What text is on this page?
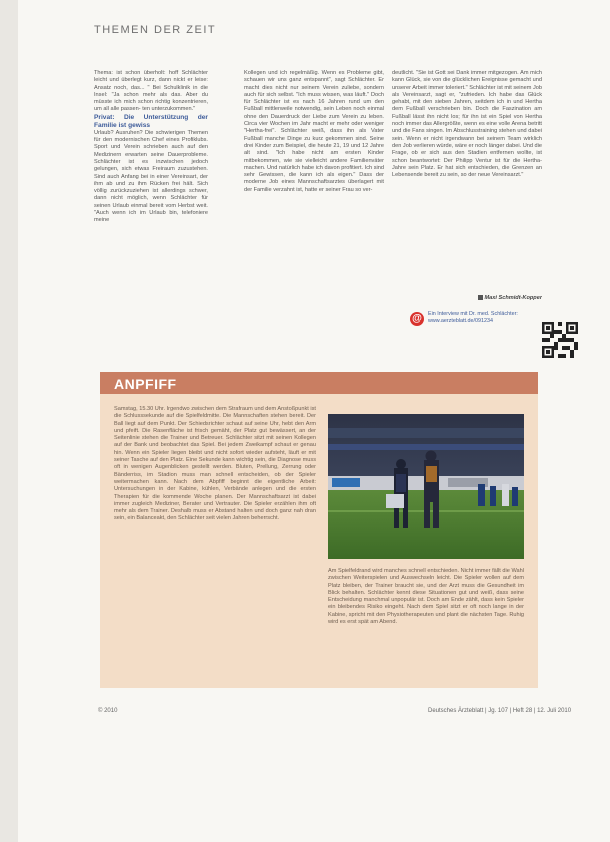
THEMEN DER ZEIT

Thema: ist schon überholt: hoff Schlächter leicht und überlegt kurz, dann nickt er leise: Ansatz noch, das... " Bei Schulklinik in die Insel: "Ja schon mehr als das. Aber du müsste ich mich schon richtig konzentrieren, um all alle passen- ten unterzukommen."

Privat: Die Unterstützung der Familie ist gewiss

Urlaub? Ausruhen? Die schwierigen Themen für den modernischen Chef eines Profiklubs. Sport und Verein schrieben auch auf den Medizinern erwarten seine Dauerprobleme. Schlächter ist es inzwischen jedoch gelungen, sich etwas Freiraum zuzustehen. Sind auch Anfang bei in einer Vereinsart, der ihm ab und zu ihm Rücken frei hält. Sich völlig zurückzuziehen ist allerdings schwer, dann nicht möglich, wenn Schlächter für seinen Urlaub einmal bereit vom Herbst weit. "Auch wenn ich im Urlaub bin, telefoniere meine

Kollegen und ich regelmäßig. Wenn es Probleme gibt, schauen wir uns ganz entspannt", sagt Schlächter. Er macht dies nicht nur seinem Verein zuliebe, sondern auch für sich selbst. "Ich muss wissen, was läuft." Doch für Schlächter ist es nach 16 Jahren rund um den Fußball mittlerweile notwendig, sein Leben noch einmal ohne den Dauerdruck der Liebe zum Verein zu leben. Circa vier Wochen im Jahr macht er mehr oder weniger "Hertha-frei". Schlächter weiß, dass ihn als Vater Fußball manche Dinge zu kurz gekommen sind. Seine drei Kinder zum Beispiel, die heute 21, 19 und 12 Jahre alt sind. "Ich habe nicht am ersten Kinder mitbekommen, wie sie vielleicht andere Familienväter machen. Und natürlich habe ich davon profitiert. Ich sind sehr Gewissen, die kann ich als eigen." Dass der moderne Job eines Mannschaftsarztes überlagert mit der Familie verzahnt ist, hatte er seiner Frau so ver-

deutlicht. "Sie ist Gott sei Dank immer mitgezogen. Am mich kann Glück, sie von die glücklichen Ereignisse gemacht und unserer Arbeit immer toleriert." Schlächter ist mit seinem Job als Vereinsarzt, sagt er, "zufrieden. Ich habe das Glück gehabt, mit den sieben Jahren, seitdem ich in und Hertha dem Fußball verschrieben bin. Doch die Faszination am Fußball lässt ihn nicht los; für ihn ist ein Spiel von Hertha noch immer das Allergrößte, wenn es eine volle Arena betritt und die Fans singen. Im Abschlusstraining stehen und dabei sein. Wenn er nicht irgendwann bei seinem Team wirklich den Job verlieren würde, wäre er noch länger dabei. Und die Frage, ob er sich aus den Stadien entfernen wollte, ist schon beantwortet: Der Philipp Ventur ist für die Hertha-Jahre sein Platz. Er hat sich entschieden, die Grenzen an Lebensende bereit zu sein, so der neue Vereinsarzt."

Maxi Schmidt-Kopper
@	Ein Interview mit Dr. med. Schlächter: www.aerzteblatt.de/091234
ANPFIFF

Samstag, 15.30 Uhr. Irgendwo zwischen dem Strafraum und dem Anstoßpunkt ist die Schlusssekunde auf die Spielfeldmitte. Die Mannschaften stehen bereit. Der Ball liegt auf dem Punkt. Der Schiedsrichter schaut auf seine Uhr, hebt den Arm und pfeift. Die Rasenfläche ist frisch gemäht, der Platz gut bewässert, an der Seitenlinie stehen die Trainer und Betreuer. Schlächter sitzt mit seinen Kollegen auf der Bank und beobachtet das Spiel. Bei jedem Zweikampf schaut er genau hin. Wenn ein Spieler liegen bleibt und nicht sofort wieder aufsteht, läuft er mit seiner Tasche auf den Platz. Eine Sekunde kann wichtig sein, die Diagnose muss oft in wenigen Augenblicken gestellt werden. Bluten, Prellung, Zerrung oder Bänderriss, im Stadion muss man schnell entscheiden, ob der Spieler weitermachen kann. Nach dem Abpfiff beginnt die eigentliche Arbeit: Untersuchungen in der Kabine, kühlen, Verbände anlegen und die ersten Therapien für die kommende Woche planen. Der Mannschaftsarzt ist dabei immer zugleich Mediziner, Berater und Vertrauter. Die Spieler erzählen ihm oft mehr als dem Trainer. Deshalb muss er Abstand halten und doch ganz nah dran sein, ein Balanceakt, den Schlächter seit vielen Jahren beherrscht.

Am Spielfeldrand wird manches schnell entschieden. Nicht immer fällt die Wahl zwischen Weiterspielen und Auswechseln leicht. Die Spieler wollen auf dem Platz bleiben, der Trainer braucht sie, und der Arzt muss die Gesundheit im Blick behalten. Schlächter kennt diese Situationen gut und weiß, dass seine Entscheidung manchmal unpopulär ist. Doch am Ende zählt, dass kein Spieler ein bleibendes Risiko eingeht. Nach dem Spiel sitzt er oft noch lange in der Kabine, spricht mit den Physiotherapeuten und plant die nächsten Tage. Ruhig wird es erst spät am Abend.

© 2010	Deutsches Ärzteblatt | Jg. 107 | Heft 28 | 12. Juli 2010
